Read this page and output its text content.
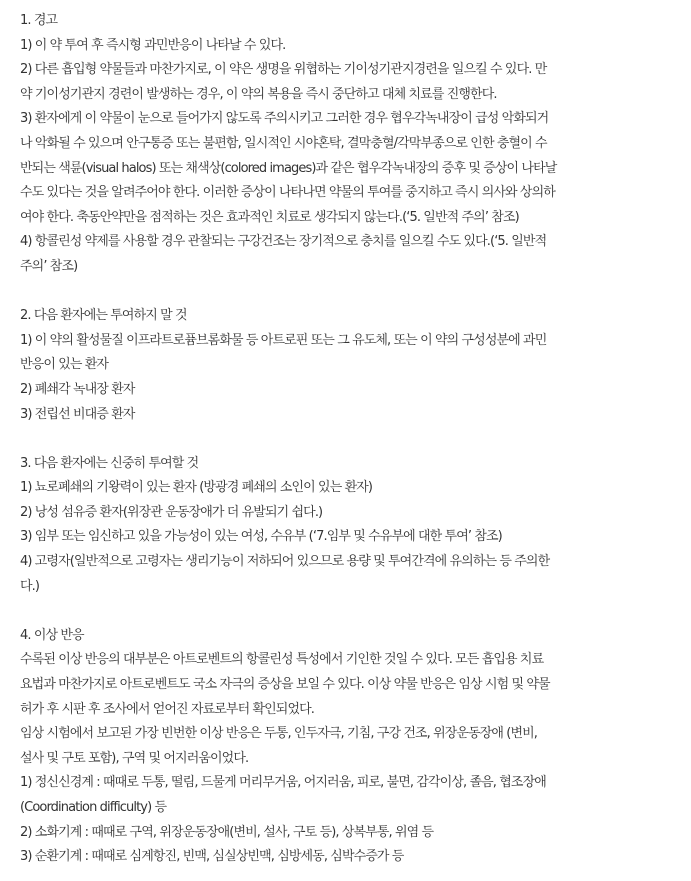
1. 경고
1) 이 약 투여 후 즉시형 과민반응이 나타날 수 있다.
2) 다른 흡입형 약물들과 마찬가지로, 이 약은 생명을 위협하는 기이성기관지경련을 일으킬 수 있다. 만
약 기이성기관지 경련이 발생하는 경우, 이 약의 복용을 즉시 중단하고 대체 치료를 진행한다.
3) 환자에게 이 약물이 눈으로 들어가지 않도록 주의시키고 그러한 경우 협우각녹내장이 급성 악화되거
나 악화될 수 있으며 안구통증 또는 불편함, 일시적인 시야혼탁, 결막충혈/각막부종으로 인한 충혈이 수
반되는 색륜(visual halos) 또는 채색상(colored images)과 같은 협우각녹내장의 증후 및 증상이 나타날
수도 있다는 것을 알려주어야 한다. 이러한 증상이 나타나면 약물의 투여를 중지하고 즉시 의사와 상의하
여야 한다. 축동안약만을 점적하는 것은 효과적인 치료로 생각되지 않는다.(‘5. 일반적 주의’ 참조)
4) 항콜린성 약제를 사용할 경우 관찰되는 구강건조는 장기적으로 충치를 일으킬 수도 있다.(‘5. 일반적
주의’ 참조)
2. 다음 환자에는 투여하지 말 것
1) 이 약의 활성물질 이프라트로퓸브롬화물 등 아트로핀 또는 그 유도체, 또는 이 약의 구성성분에 과민
반응이 있는 환자
2) 폐쇄각 녹내장 환자
3) 전립선 비대증 환자
3. 다음 환자에는 신중히 투여할 것
1) 뇨로폐쇄의 기왕력이 있는 환자 (방광경 폐쇄의 소인이 있는 환자)
2) 낭성 섬유증 환자(위장관 운동장애가 더 유발되기 쉽다.)
3) 임부 또는 임신하고 있을 가능성이 있는 여성, 수유부 (‘7.임부 및 수유부에 대한 투여’ 참조)
4) 고령자(일반적으로 고령자는 생리기능이 저하되어 있으므로 용량 및 투여간격에 유의하는 등 주의한
다.)
4. 이상 반응
수록된 이상 반응의 대부분은 아트로벤트의 항콜린성 특성에서 기인한 것일 수 있다. 모든 흡입용 치료
요법과 마찬가지로 아트로벤트도 국소 자극의 증상을 보일 수 있다. 이상 약물 반응은 임상 시험 및 약물
허가 후 시판 후 조사에서 얻어진 자료로부터 확인되었다.
임상 시험에서 보고된 가장 빈번한 이상 반응은 두통, 인두자극, 기침, 구강 건조, 위장운동장애 (변비,
설사 및 구토 포함), 구역 및 어지러움이었다.
1) 정신신경계 : 때때로 두통, 떨림, 드물게 머리무거움, 어지러움, 피로, 불면, 감각이상, 졸음, 협조장애
(Coordination difficulty) 등
2) 소화기계 : 때때로 구역, 위장운동장애(변비, 설사, 구토 등), 상복부통, 위염 등
3) 순환기계 : 때때로 심계항진, 빈맥, 심실상빈맥, 심방세동, 심박수증가 등
